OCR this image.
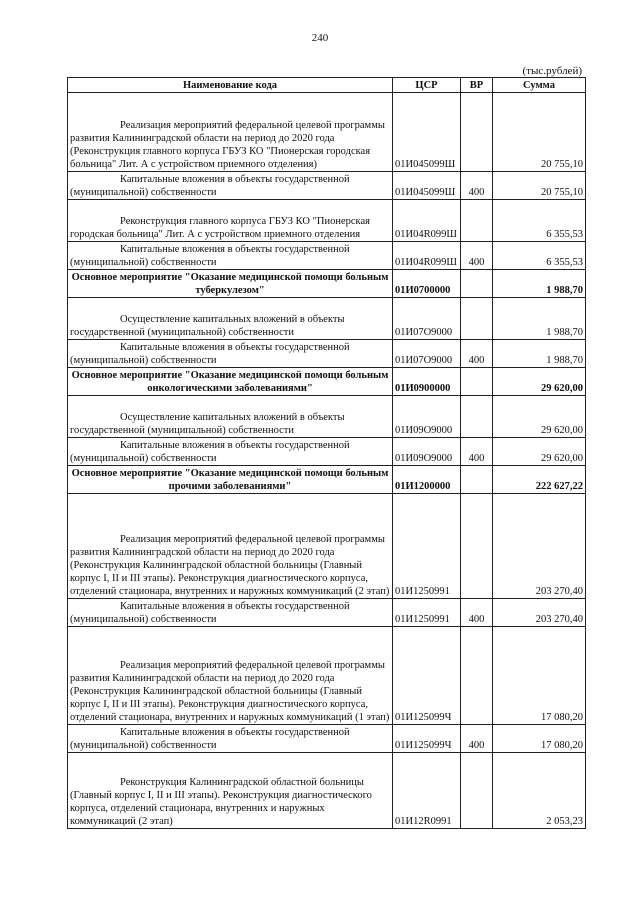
240
(тыс.рублей)
Наименование кода	ЦСР	ВР	Сумма
Реализация мероприятий федеральной целевой программы развития Калининградской области на период до 2020 года (Реконструкция главного корпуса ГБУЗ КО "Пионерская городская больница" Лит. А с устройством приемного отделения)	01И045099Ш		20 755,10
Капитальные вложения в объекты государственной (муниципальной) собственности	01И045099Ш	400	20 755,10
Реконструкция главного корпуса ГБУЗ КО "Пионерская городская больница" Лит. А с устройством приемного отделения	01И04R099Ш		6 355,53
Капитальные вложения в объекты государственной (муниципальной) собственности	01И04R099Ш	400	6 355,53
Основное мероприятие "Оказание медицинской помощи больным туберкулезом"	01И0700000		1 988,70
Осуществление капитальных вложений в объекты государственной (муниципальной) собственности	01И07О9000		1 988,70
Капитальные вложения в объекты государственной (муниципальной) собственности	01И07О9000	400	1 988,70
Основное мероприятие "Оказание медицинской помощи больным онкологическими заболеваниями"	01И0900000		29 620,00
Осуществление капитальных вложений в объекты государственной (муниципальной) собственности	01И09О9000		29 620,00
Капитальные вложения в объекты государственной (муниципальной) собственности	01И09О9000	400	29 620,00
Основное мероприятие "Оказание медицинской помощи больным прочими заболеваниями"	01И1200000		222 627,22
Реализация мероприятий федеральной целевой программы развития Калининградской области на период до 2020 года (Реконструкция Калининградской областной больницы (Главный корпус I, II и III этапы). Реконструкция диагностического корпуса, отделений стационара, внутренних и наружных коммуникаций (2 этап)	01И1250991		203 270,40
Капитальные вложения в объекты государственной (муниципальной) собственности	01И1250991	400	203 270,40
Реализация мероприятий федеральной целевой программы развития Калининградской области на период до 2020 года (Реконструкция Калининградской областной больницы (Главный корпус I, II и III этапы). Реконструкция диагностического корпуса, отделений стационара, внутренних и наружных коммуникаций (1 этап)	01И125099Ч		17 080,20
Капитальные вложения в объекты государственной (муниципальной) собственности	01И125099Ч	400	17 080,20
Реконструкция Калининградской областной больницы (Главный корпус I, II и III этапы). Реконструкция диагностического корпуса, отделений стационара, внутренних и наружных коммуникаций (2 этап)	01И12R0991		2 053,23
